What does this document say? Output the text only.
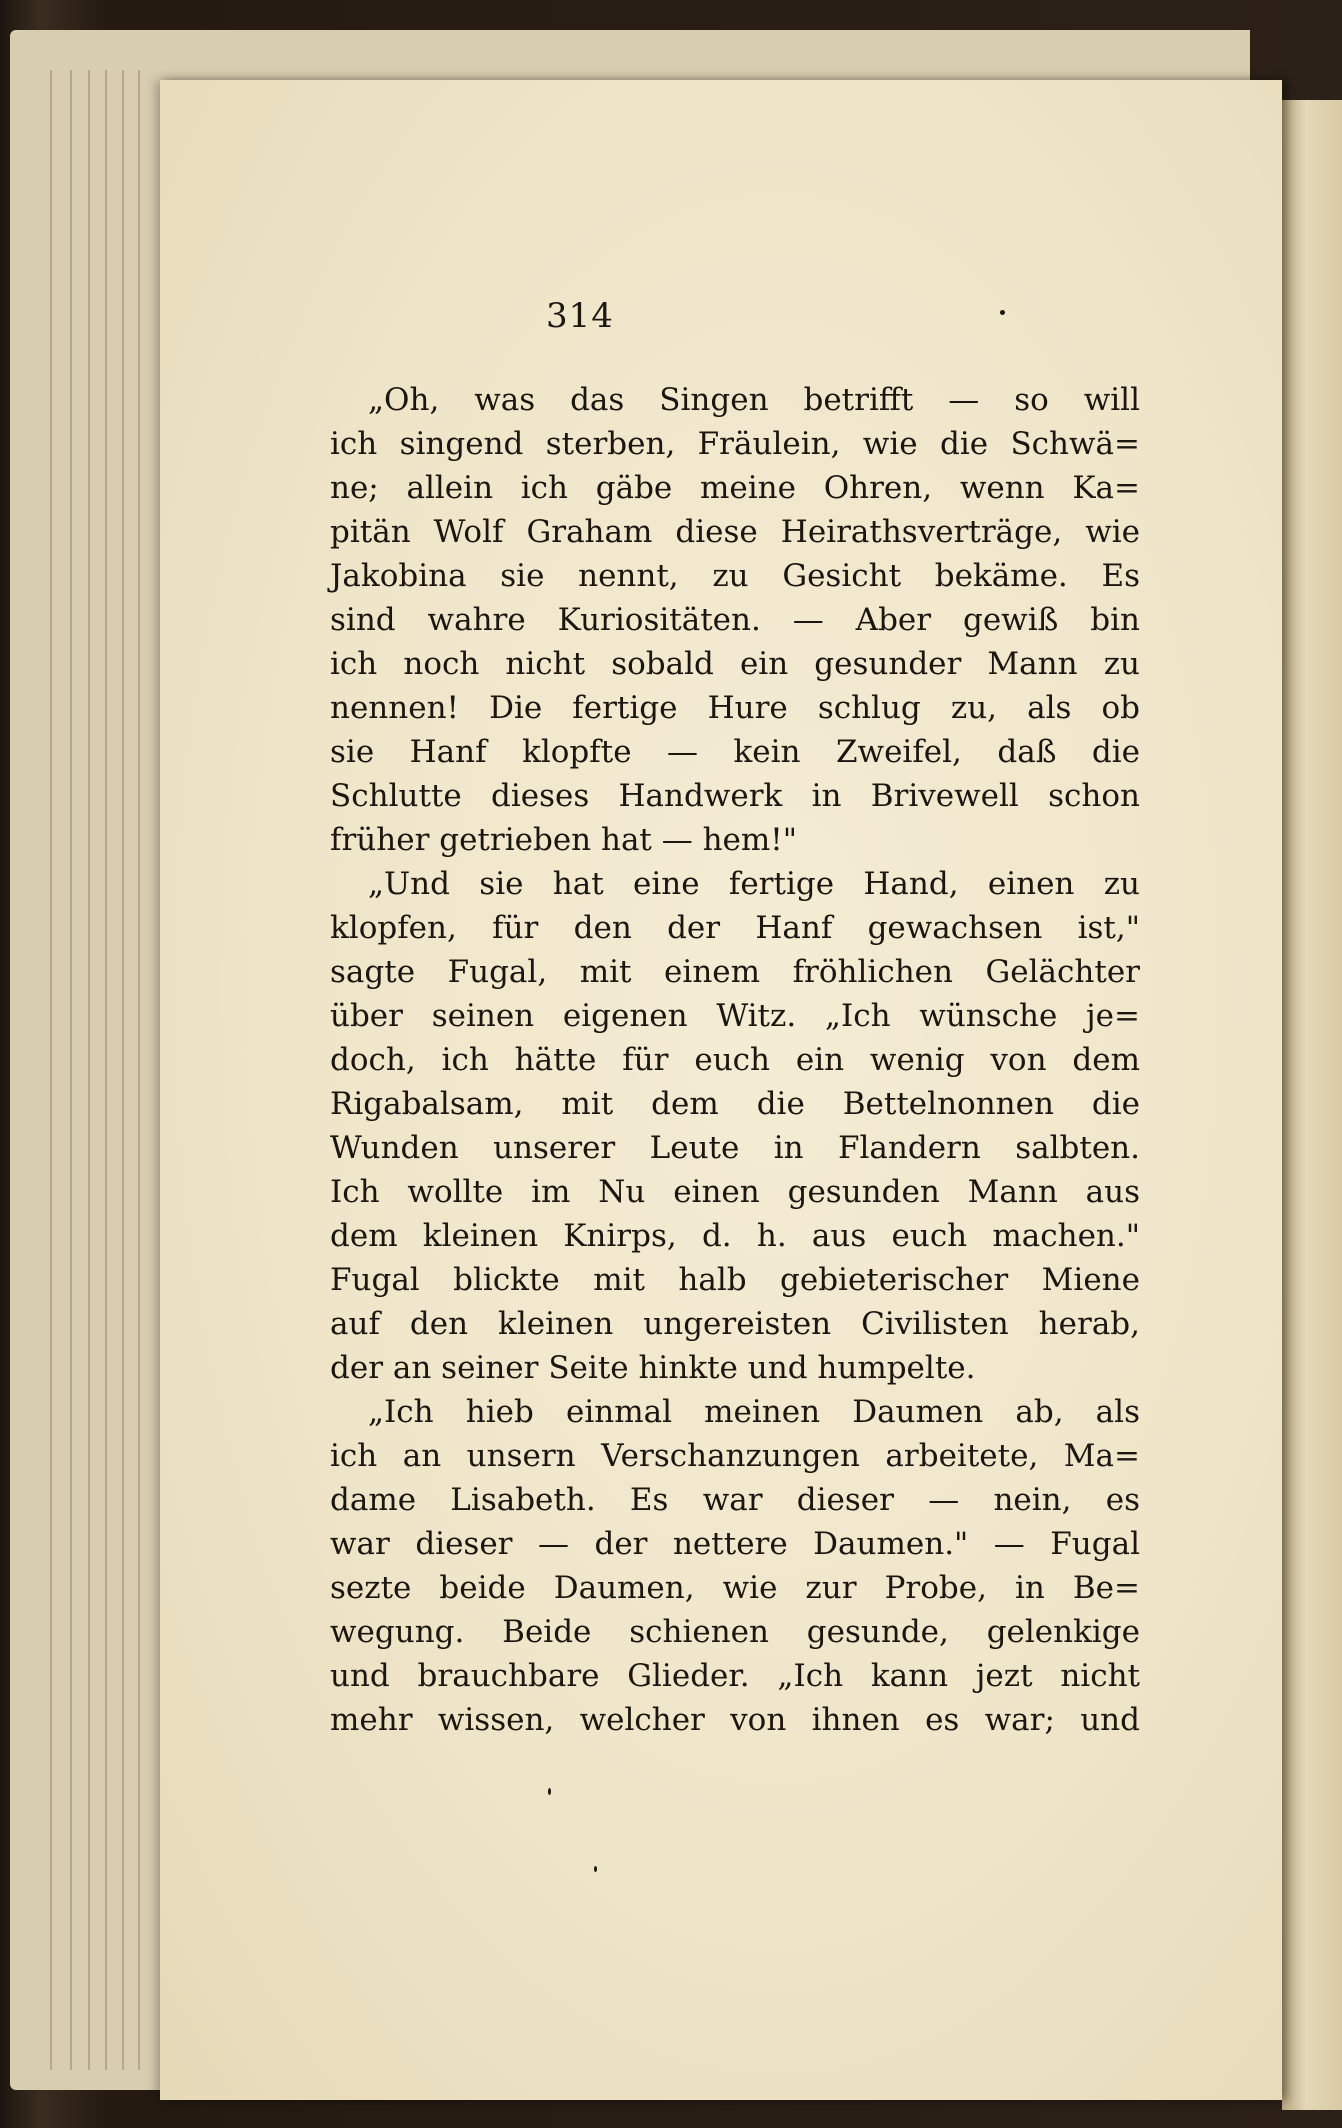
314
„Oh, was das Singen betrifft — so will
ich singend sterben, Fräulein, wie die Schwä=
ne; allein ich gäbe meine Ohren, wenn Ka=
pitän Wolf Graham diese Heirathsverträge, wie
Jakobina sie nennt, zu Gesicht bekäme. Es
sind wahre Kuriositäten. — Aber gewiß bin
ich noch nicht sobald ein gesunder Mann zu
nennen! Die fertige Hure schlug zu, als ob
sie Hanf klopfte — kein Zweifel, daß die
Schlutte dieses Handwerk in Brivewell schon
früher getrieben hat — hem!"
„Und sie hat eine fertige Hand, einen zu
klopfen, für den der Hanf gewachsen ist,"
sagte Fugal, mit einem fröhlichen Gelächter
über seinen eigenen Witz. „Ich wünsche je=
doch, ich hätte für euch ein wenig von dem
Rigabalsam, mit dem die Bettelnonnen die
Wunden unserer Leute in Flandern salbten.
Ich wollte im Nu einen gesunden Mann aus
dem kleinen Knirps, d. h. aus euch machen."
Fugal blickte mit halb gebieterischer Miene
auf den kleinen ungereisten Civilisten herab,
der an seiner Seite hinkte und humpelte.
„Ich hieb einmal meinen Daumen ab, als
ich an unsern Verschanzungen arbeitete, Ma=
dame Lisabeth. Es war dieser — nein, es
war dieser — der nettere Daumen." — Fugal
sezte beide Daumen, wie zur Probe, in Be=
wegung. Beide schienen gesunde, gelenkige
und brauchbare Glieder. „Ich kann jezt nicht
mehr wissen, welcher von ihnen es war; und
